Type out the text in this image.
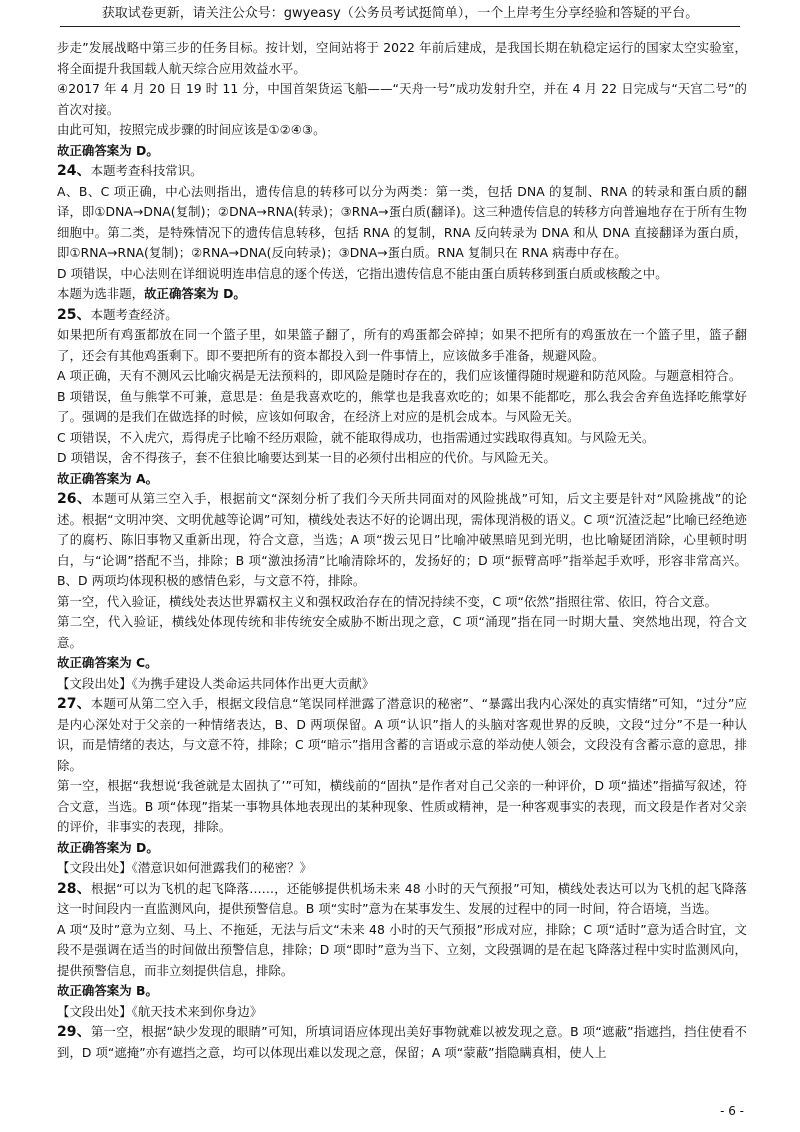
获取试卷更新，请关注公众号：gwyeasy（公务员考试挺简单），一个上岸考生分享经验和答疑的平台。

步走”发展战略中第三步的任务目标。按计划，空间站将于 2022 年前后建成，是我国长期在轨稳定运行的国家太空实验室，将全面提升我国载人航天综合应用效益水平。

④2017 年 4 月 20 日 19 时 11 分，中国首架货运飞船——“天舟一号”成功发射升空，并在 4 月 22 日完成与“天宫二号”的首次对接。

由此可知，按照完成步骤的时间应该是①②④③。

故正确答案为 D。

24、本题考查科技常识。

A、B、C 项正确，中心法则指出，遗传信息的转移可以分为两类：第一类，包括 DNA 的复制、RNA 的转录和蛋白质的翻译，即①DNA→DNA(复制)；②DNA→RNA(转录)；③RNA→蛋白质(翻译)。这三种遗传信息的转移方向普遍地存在于所有生物细胞中。第二类，是特殊情况下的遗传信息转移，包括 RNA 的复制，RNA 反向转录为 DNA 和从 DNA 直接翻译为蛋白质，即①RNA→RNA(复制)；②RNA→DNA(反向转录)；③DNA→蛋白质。RNA 复制只在 RNA 病毒中存在。

D 项错误，中心法则在详细说明连串信息的逐个传送，它指出遗传信息不能由蛋白质转移到蛋白质或核酸之中。

本题为选非题，故正确答案为 D。

25、本题考查经济。

如果把所有鸡蛋都放在同一个篮子里，如果篮子翻了，所有的鸡蛋都会碎掉；如果不把所有的鸡蛋放在一个篮子里，篮子翻了，还会有其他鸡蛋剩下。即不要把所有的资本都投入到一件事情上，应该做多手准备，规避风险。

A 项正确，天有不测风云比喻灾祸是无法预料的，即风险是随时存在的，我们应该懂得随时规避和防范风险。与题意相符合。

B 项错误，鱼与熊掌不可兼，意思是：鱼是我喜欢吃的，熊掌也是我喜欢吃的；如果不能都吃，那么我会舍弃鱼选择吃熊掌好了。强调的是我们在做选择的时候，应该如何取舍，在经济上对应的是机会成本。与风险无关。

C 项错误，不入虎穴，焉得虎子比喻不经历艰险，就不能取得成功，也指需通过实践取得真知。与风险无关。

D 项错误，舍不得孩子，套不住狼比喻要达到某一目的必须付出相应的代价。与风险无关。

故正确答案为 A。

26、本题可从第三空入手，根据前文“深刻分析了我们今天所共同面对的风险挑战”可知，后文主要是针对“风险挑战”的论述。根据“文明冲突、文明优越等论调”可知，横线处表达不好的论调出现，需体现消极的语义。C 项“沉渣泛起”比喻已经绝迹了的腐朽、陈旧事物又重新出现，符合文意，当选；A 项“拨云见日”比喻冲破黑暗见到光明，也比喻疑团消除，心里顿时明白，与“论调”搭配不当，排除；B 项“激浊扬清”比喻清除坏的，发扬好的；D 项“振臂高呼”指举起手欢呼，形容非常高兴。B、D 两项均体现积极的感情色彩，与文意不符，排除。

第一空，代入验证，横线处表达世界霸权主义和强权政治存在的情况持续不变，C 项“依然”指照往常、依旧，符合文意。

第二空，代入验证，横线处体现传统和非传统安全威胁不断出现之意，C 项“涌现”指在同一时期大量、突然地出现，符合文意。

故正确答案为 C。

【文段出处】《为携手建设人类命运共同体作出更大贡献》

27、本题可从第二空入手，根据文段信息“笔误同样泄露了潜意识的秘密”、“暴露出我内心深处的真实情绪”可知，“过分”应是内心深处对于父亲的一种情绪表达，B、D 两项保留。A 项“认识”指人的头脑对客观世界的反映，文段“过分”不是一种认识，而是情绪的表达，与文意不符，排除；C 项“暗示”指用含蓄的言语或示意的举动使人领会，文段没有含蓄示意的意思，排除。

第一空，根据“我想说‘我爸就是太固执了’”可知，横线前的“固执”是作者对自己父亲的一种评价，D 项“描述”指描写叙述，符合文意，当选。B 项“体现”指某一事物具体地表现出的某种现象、性质或精神，是一种客观事实的表现，而文段是作者对父亲的评价，非事实的表现，排除。

故正确答案为 D。

【文段出处】《潜意识如何泄露我们的秘密？》

28、根据“可以为飞机的起飞降落……，还能够提供机场未来 48 小时的天气预报”可知，横线处表达可以为飞机的起飞降落这一时间段内一直监测风向，提供预警信息。B 项“实时”意为在某事发生、发展的过程中的同一时间，符合语境，当选。

A 项“及时”意为立刻、马上、不拖延，无法与后文“未来 48 小时的天气预报”形成对应，排除；C 项“适时”意为适合时宜，文段不是强调在适当的时间做出预警信息，排除；D 项“即时”意为当下、立刻，文段强调的是在起飞降落过程中实时监测风向，提供预警信息，而非立刻提供信息，排除。

故正确答案为 B。

【文段出处】《航天技术来到你身边》

29、第一空，根据“缺少发现的眼睛”可知，所填词语应体现出美好事物就难以被发现之意。B 项“遮蔽”指遮挡，挡住使看不到，D 项“遮掩”亦有遮挡之意，均可以体现出难以发现之意，保留；A 项“蒙蔽”指隐瞒真相，使人上

- 6 -
